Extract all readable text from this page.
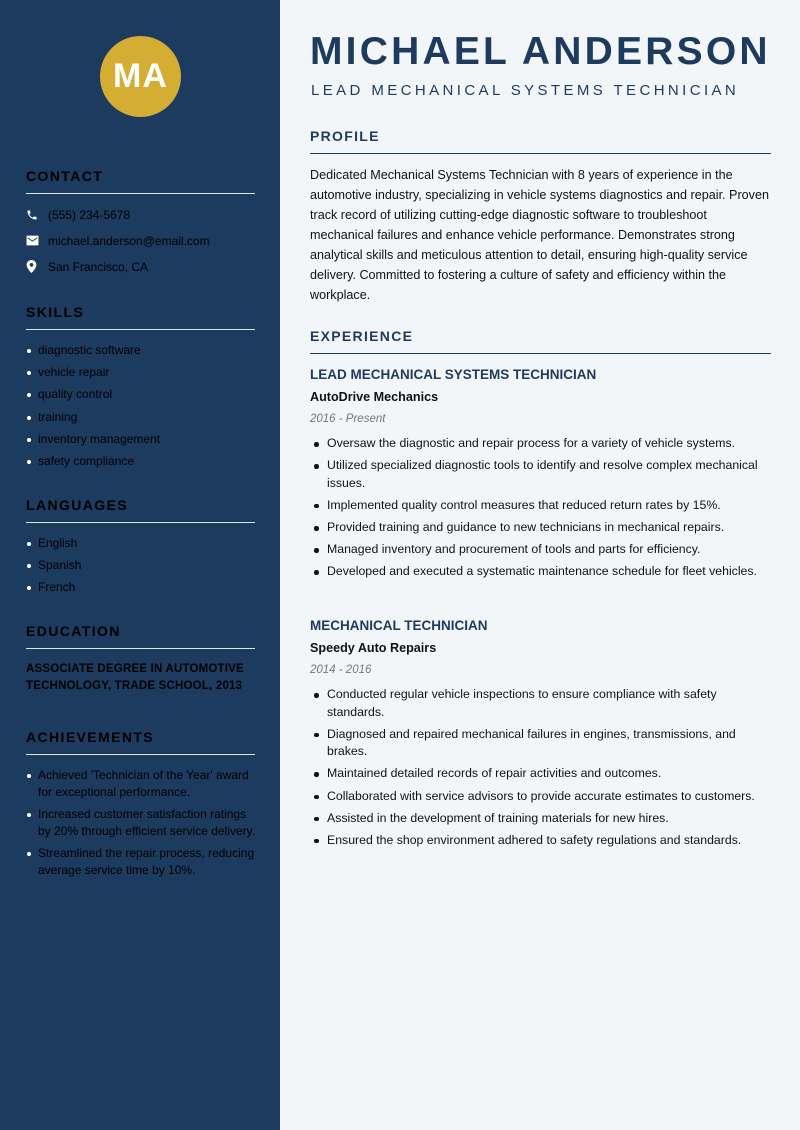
MA
CONTACT
(555) 234-5678
michael.anderson@email.com
San Francisco, CA
SKILLS
diagnostic software
vehicle repair
quality control
training
inventory management
safety compliance
LANGUAGES
English
Spanish
French
EDUCATION
ASSOCIATE DEGREE IN AUTOMOTIVE TECHNOLOGY, TRADE SCHOOL, 2013
ACHIEVEMENTS
Achieved 'Technician of the Year' award for exceptional performance.
Increased customer satisfaction ratings by 20% through efficient service delivery.
Streamlined the repair process, reducing average service time by 10%.
MICHAEL ANDERSON
LEAD MECHANICAL SYSTEMS TECHNICIAN
PROFILE
Dedicated Mechanical Systems Technician with 8 years of experience in the automotive industry, specializing in vehicle systems diagnostics and repair. Proven track record of utilizing cutting-edge diagnostic software to troubleshoot mechanical failures and enhance vehicle performance. Demonstrates strong analytical skills and meticulous attention to detail, ensuring high-quality service delivery. Committed to fostering a culture of safety and efficiency within the workplace.
EXPERIENCE
LEAD MECHANICAL SYSTEMS TECHNICIAN
AutoDrive Mechanics
2016 - Present
Oversaw the diagnostic and repair process for a variety of vehicle systems.
Utilized specialized diagnostic tools to identify and resolve complex mechanical issues.
Implemented quality control measures that reduced return rates by 15%.
Provided training and guidance to new technicians in mechanical repairs.
Managed inventory and procurement of tools and parts for efficiency.
Developed and executed a systematic maintenance schedule for fleet vehicles.
MECHANICAL TECHNICIAN
Speedy Auto Repairs
2014 - 2016
Conducted regular vehicle inspections to ensure compliance with safety standards.
Diagnosed and repaired mechanical failures in engines, transmissions, and brakes.
Maintained detailed records of repair activities and outcomes.
Collaborated with service advisors to provide accurate estimates to customers.
Assisted in the development of training materials for new hires.
Ensured the shop environment adhered to safety regulations and standards.
